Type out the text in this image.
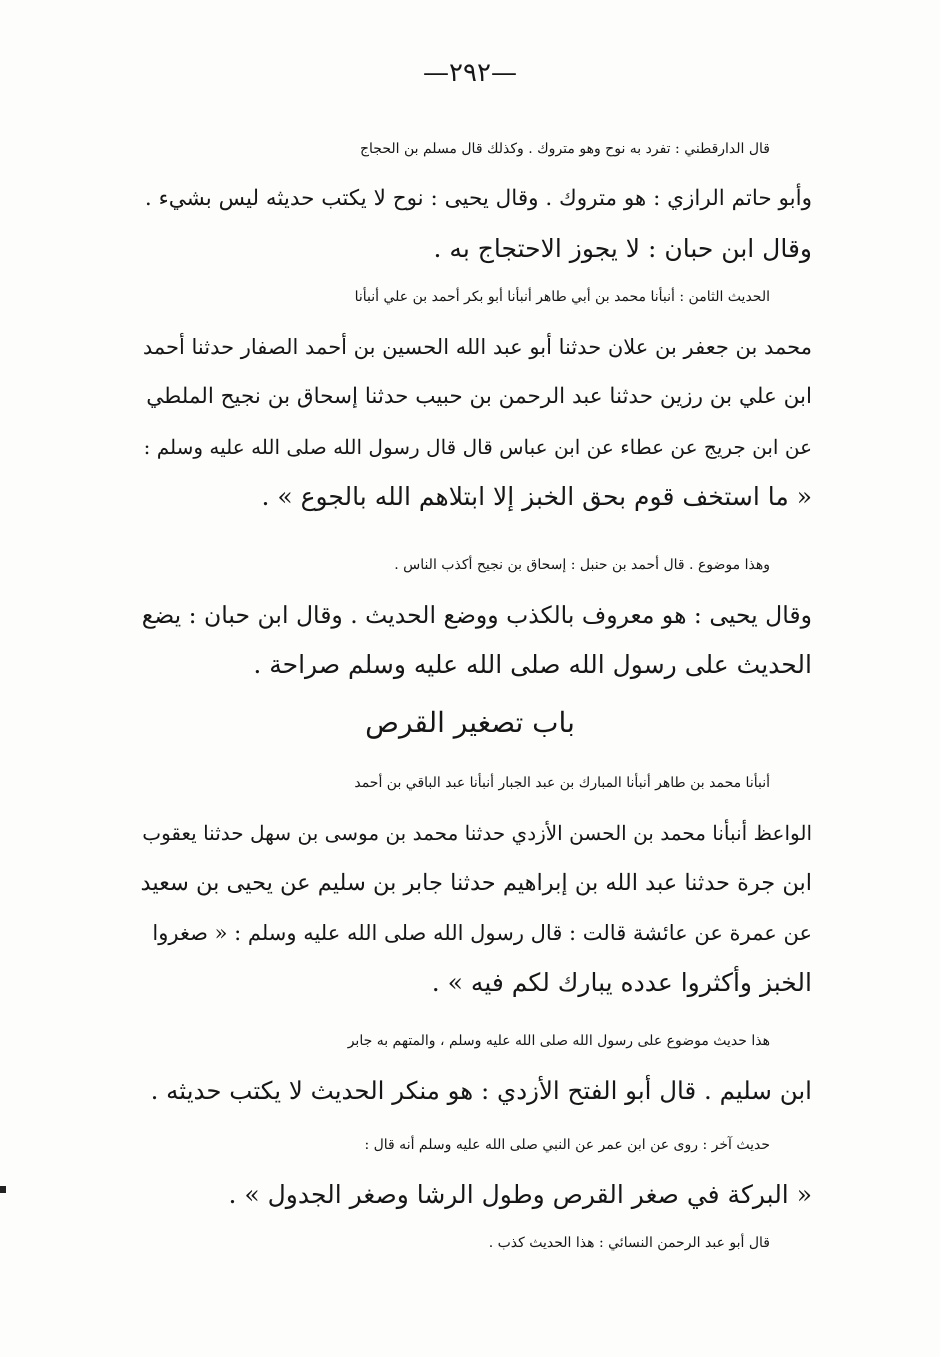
—٢٩٢—

قال الدارقطني : تفرد به نوح وهو متروك . وكذلك قال مسلم بن الحجاج
وأبو حاتم الرازي : هو متروك . وقال يحيى : نوح لا يكتب حديثه ليس بشيء .
وقال ابن حبان : لا يجوز الاحتجاج به .

الحديث الثامن : أنبأنا محمد بن أبي طاهر أنبأنا أبو بكر أحمد بن علي أنبأنا
محمد بن جعفر بن علان حدثنا أبو عبد الله الحسين بن أحمد الصفار حدثنا أحمد
ابن علي بن رزين حدثنا عبد الرحمن بن حبيب حدثنا إسحاق بن نجيح الملطي
عن ابن جريج عن عطاء عن ابن عباس قال قال رسول الله صلى الله عليه وسلم :
« ما استخف قوم بحق الخبز إلا ابتلاهم الله بالجوع » .

وهذا موضوع . قال أحمد بن حنبل : إسحاق بن نجيح أكذب الناس .
وقال يحيى : هو معروف بالكذب ووضع الحديث . وقال ابن حبان : يضع
الحديث على رسول الله صلى الله عليه وسلم صراحة .

باب تصغير القرص

أنبأنا محمد بن طاهر أنبأنا المبارك بن عبد الجبار أنبأنا عبد الباقي بن أحمد
الواعظ أنبأنا محمد بن الحسن الأزدي حدثنا محمد بن موسى بن سهل حدثنا يعقوب
ابن جرة حدثنا عبد الله بن إبراهيم حدثنا جابر بن سليم عن يحيى بن سعيد
عن عمرة عن عائشة قالت : قال رسول الله صلى الله عليه وسلم : « صغروا
الخبز وأكثروا عدده يبارك لكم فيه » .

هذا حديث موضوع على رسول الله صلى الله عليه وسلم ، والمتهم به جابر
ابن سليم . قال أبو الفتح الأزدي : هو منكر الحديث لا يكتب حديثه .

حديث آخر : روى عن ابن عمر عن النبي صلى الله عليه وسلم أنه قال :
« البركة في صغر القرص وطول الرشا وصغر الجدول » .

قال أبو عبد الرحمن النسائي : هذا الحديث كذب .
